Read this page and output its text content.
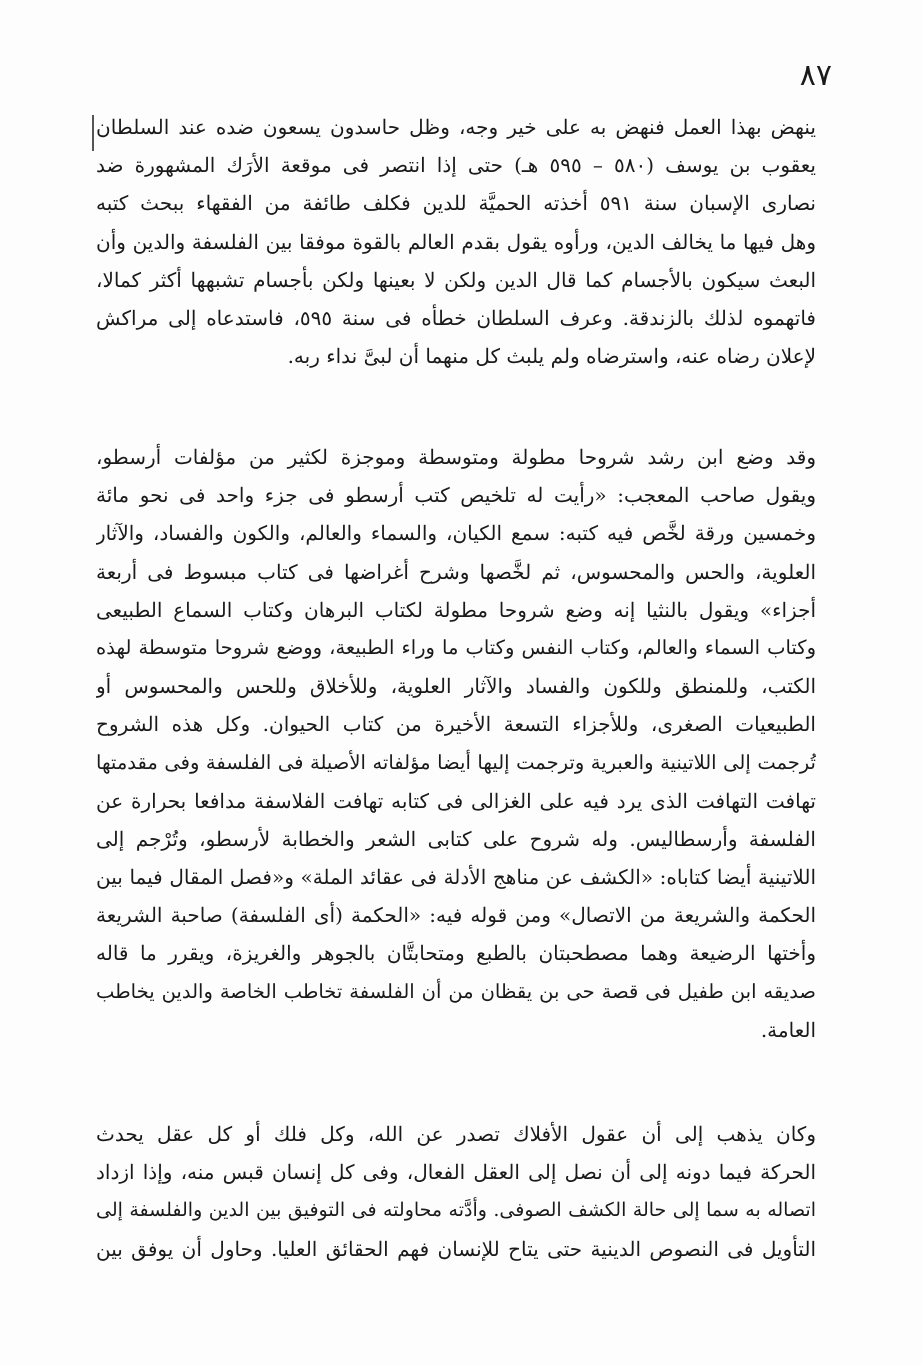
٨٧
ينهض بهذا العمل فنهض به على خير وجه، وظل حاسدون يسعون ضده عند السلطان
يعقوب بن يوسف (٥٨٠ – ٥٩٥ هـ) حتى إذا انتصر فى موقعة الأرَك المشهورة ضد
نصارى الإسبان سنة ٥٩١ أخذته الحميَّة للدين فكلف طائفة من الفقهاء ببحث كتبه
وهل فيها ما يخالف الدين، ورأوه يقول بقدم العالم بالقوة موفقا بين الفلسفة والدين وأن
البعث سيكون بالأجسام كما قال الدين ولكن لا بعينها ولكن بأجسام تشبهها أكثر كمالا،
فاتهموه لذلك بالزندقة. وعرف السلطان خطأه فى سنة ٥٩٥، فاستدعاه إلى مراكش
لإعلان رضاه عنه، واسترضاه ولم يلبث كل منهما أن لبىَّ نداء ربه.
وقد وضع ابن رشد شروحا مطولة ومتوسطة وموجزة لكثير من مؤلفات أرسطو،
ويقول صاحب المعجب: «رأيت له تلخيص كتب أرسطو فى جزء واحد فى نحو مائة
وخمسين ورقة لخَّص فيه كتبه: سمع الكيان، والسماء والعالم، والكون والفساد، والآثار
العلوية، والحس والمحسوس، ثم لخَّصها وشرح أغراضها فى كتاب مبسوط فى أربعة
أجزاء» ويقول بالنثيا إنه وضع شروحا مطولة لكتاب البرهان وكتاب السماع الطبيعى
وكتاب السماء والعالم، وكتاب النفس وكتاب ما وراء الطبيعة، ووضع شروحا متوسطة لهذه
الكتب، وللمنطق وللكون والفساد والآثار العلوية، وللأخلاق وللحس والمحسوس أو
الطبيعيات الصغرى، وللأجزاء التسعة الأخيرة من كتاب الحيوان. وكل هذه الشروح
تُرجمت إلى اللاتينية والعبرية وترجمت إليها أيضا مؤلفاته الأصيلة فى الفلسفة وفى مقدمتها
تهافت التهافت الذى يرد فيه على الغزالى فى كتابه تهافت الفلاسفة مدافعا بحرارة عن
الفلسفة وأرسطاليس. وله شروح على كتابى الشعر والخطابة لأرسطو، وتُرْجم إلى
اللاتينية أيضا كتاباه: «الكشف عن مناهج الأدلة فى عقائد الملة» و«فصل المقال فيما بين
الحكمة والشريعة من الاتصال» ومن قوله فيه: «الحكمة (أى الفلسفة) صاحبة الشريعة
وأختها الرضيعة وهما مصطحبتان بالطبع ومتحابتَّان بالجوهر والغريزة، ويقرر ما قاله
صديقه ابن طفيل فى قصة حى بن يقظان من أن الفلسفة تخاطب الخاصة والدين يخاطب
العامة.
وكان يذهب إلى أن عقول الأفلاك تصدر عن الله، وكل فلك أو كل عقل يحدث
الحركة فيما دونه إلى أن نصل إلى العقل الفعال، وفى كل إنسان قبس منه، وإذا ازداد
اتصاله به سما إلى حالة الكشف الصوفى. وأدَّته محاولته فى التوفيق بين الدين والفلسفة إلى
التأويل فى النصوص الدينية حتى يتاح للإنسان فهم الحقائق العليا. وحاول أن يوفق بين
